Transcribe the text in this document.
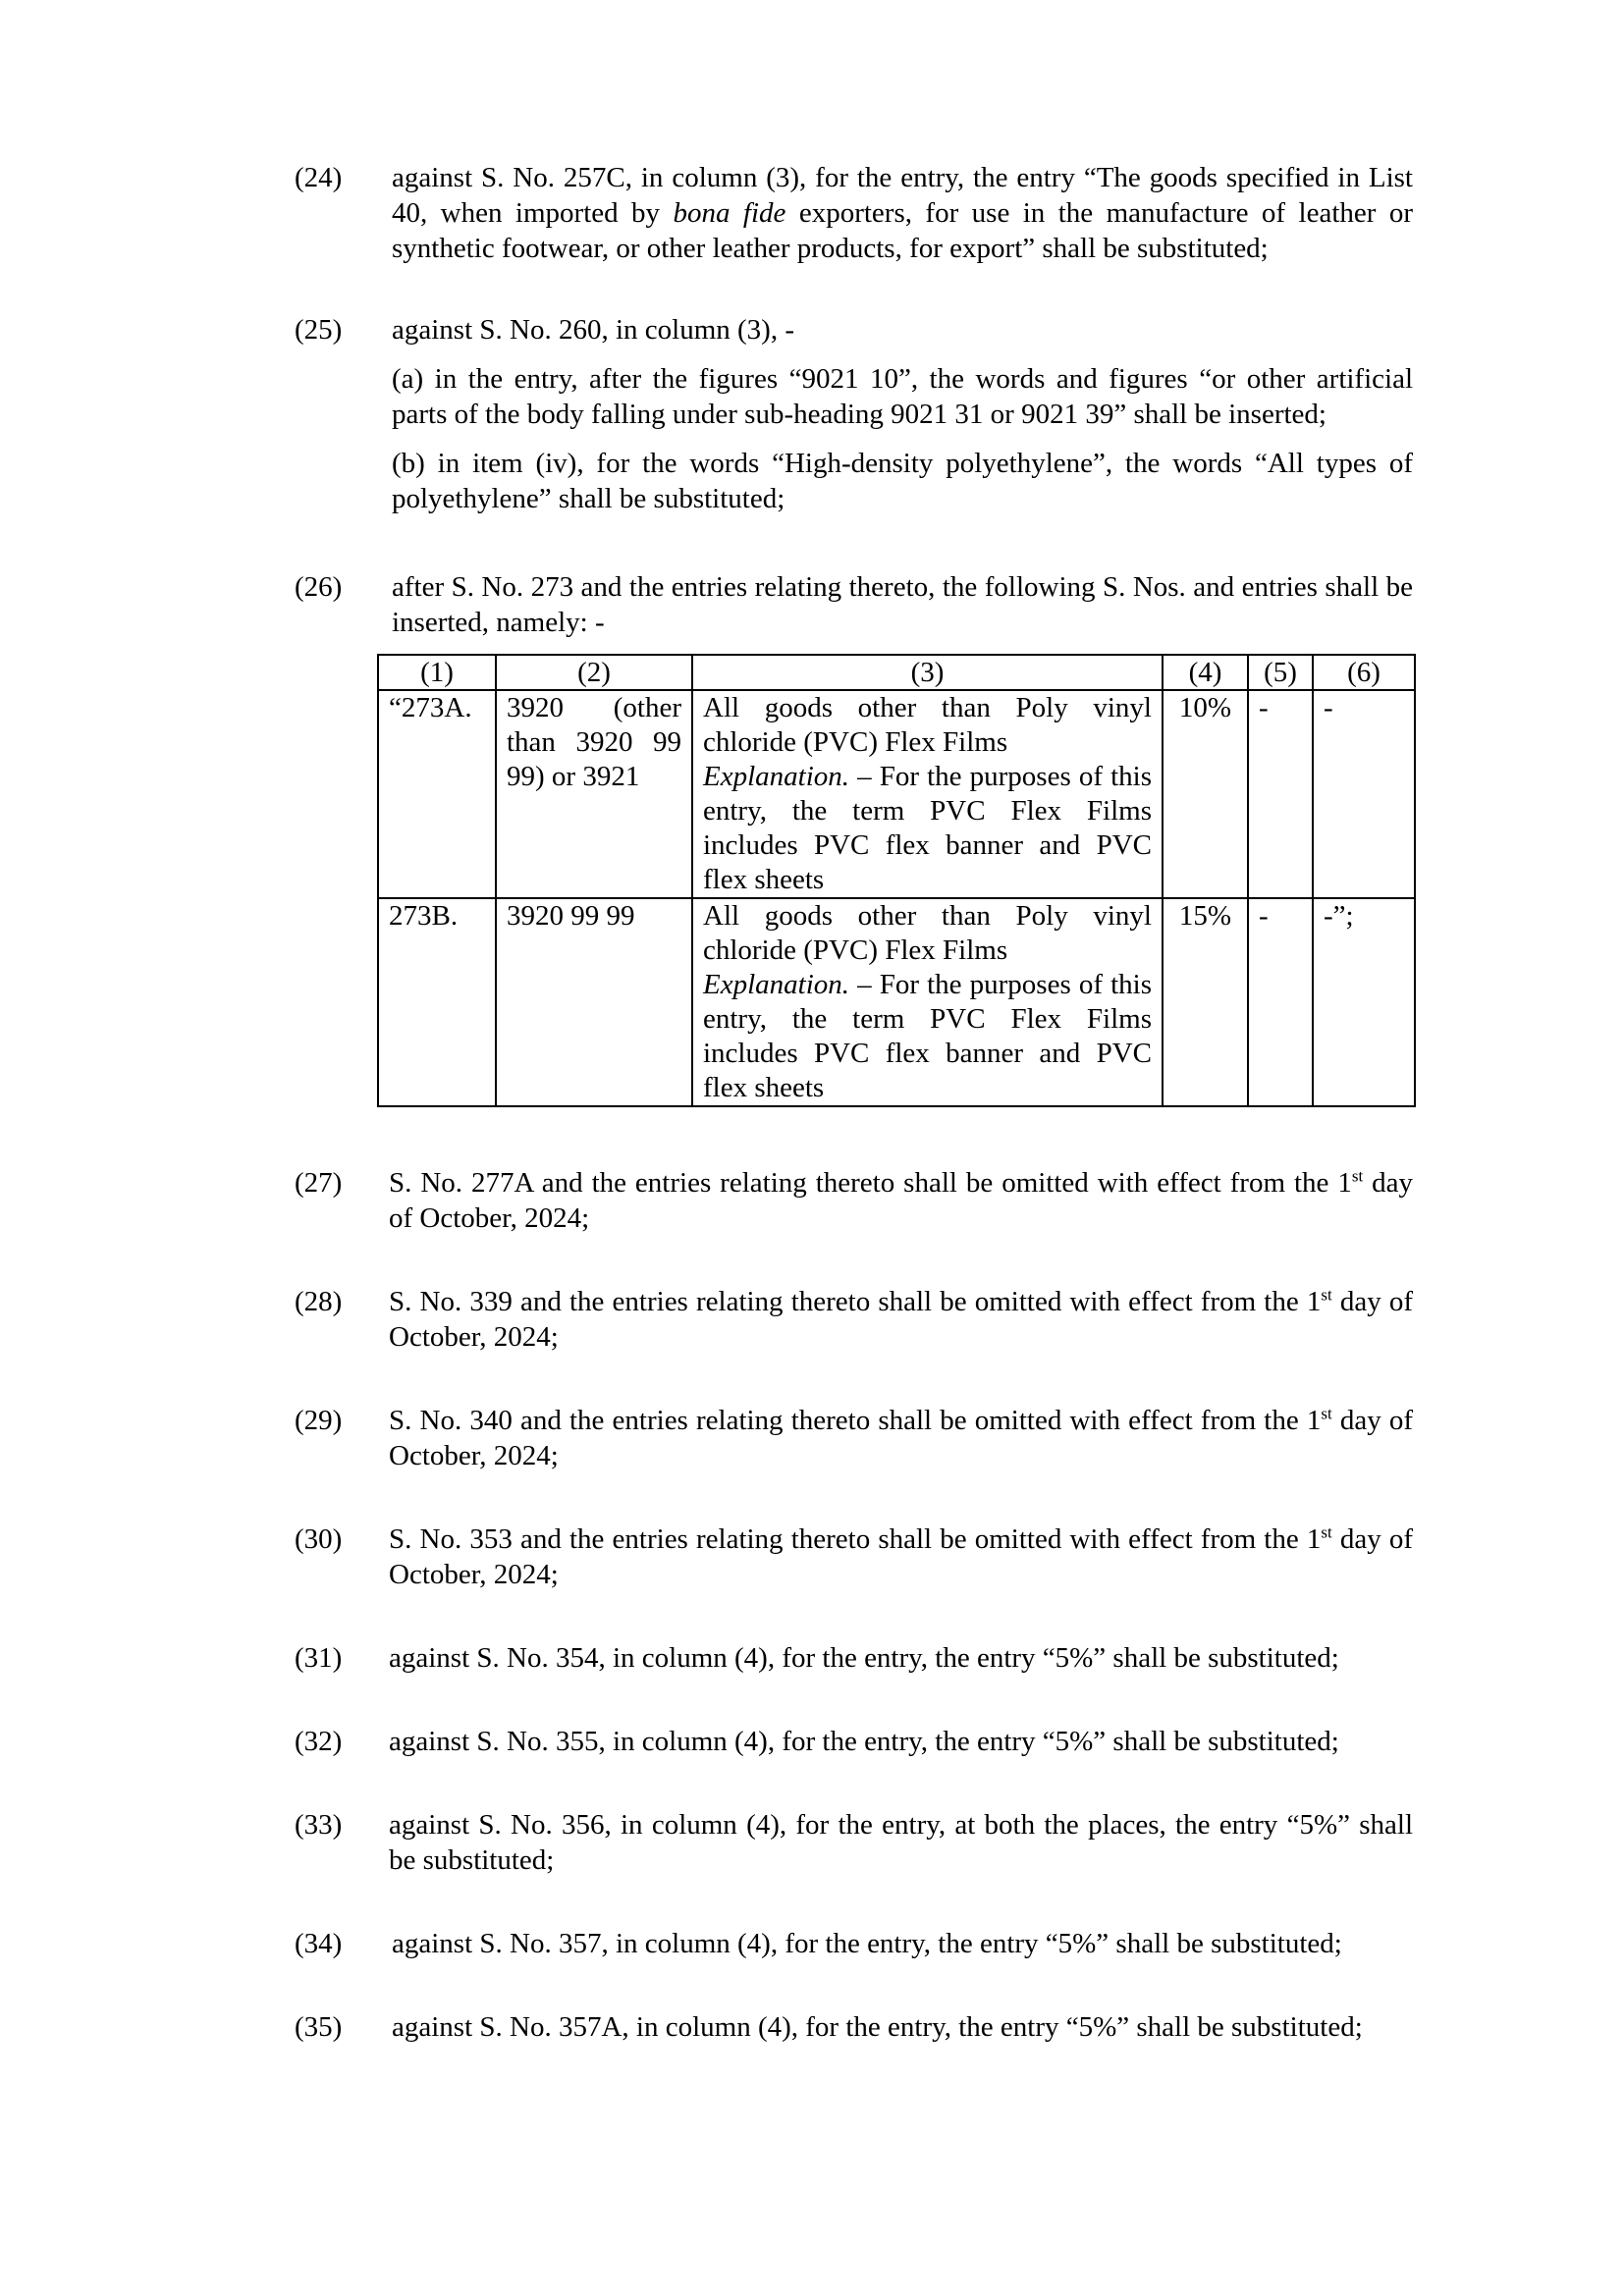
(24) against S. No. 257C, in column (3), for the entry, the entry “The goods specified in List 40, when imported by bona fide exporters, for use in the manufacture of leather or synthetic footwear, or other leather products, for export” shall be substituted;

(25) against S. No. 260, in column (3), -

(a) in the entry, after the figures “9021 10”, the words and figures “or other artificial parts of the body falling under sub-heading 9021 31 or 9021 39” shall be inserted;

(b) in item (iv), for the words “High-density polyethylene”, the words “All types of polyethylene” shall be substituted;

(26) after S. No. 273 and the entries relating thereto, the following S. Nos. and entries shall be inserted, namely: -

(1)	(2)	(3)	(4)	(5)	(6)
“273A.	3920 (other than 3920 99 99) or 3921	All goods other than Poly vinyl chloride (PVC) Flex Films
Explanation. – For the purposes of this entry, the term PVC Flex Films includes PVC flex banner and PVC flex sheets	10%	-	-
273B.	3920 99 99	All goods other than Poly vinyl chloride (PVC) Flex Films
Explanation. – For the purposes of this entry, the term PVC Flex Films includes PVC flex banner and PVC flex sheets	15%	-	-”;
(27) S. No. 277A and the entries relating thereto shall be omitted with effect from the 1st day of October, 2024;

(28) S. No. 339 and the entries relating thereto shall be omitted with effect from the 1st day of October, 2024;

(29) S. No. 340 and the entries relating thereto shall be omitted with effect from the 1st day of October, 2024;

(30) S. No. 353 and the entries relating thereto shall be omitted with effect from the 1st day of October, 2024;

(31) against S. No. 354, in column (4), for the entry, the entry “5%” shall be substituted;

(32) against S. No. 355, in column (4), for the entry, the entry “5%” shall be substituted;

(33) against S. No. 356, in column (4), for the entry, at both the places, the entry “5%” shall be substituted;

(34) against S. No. 357, in column (4), for the entry, the entry “5%” shall be substituted;

(35) against S. No. 357A, in column (4), for the entry, the entry “5%” shall be substituted;
